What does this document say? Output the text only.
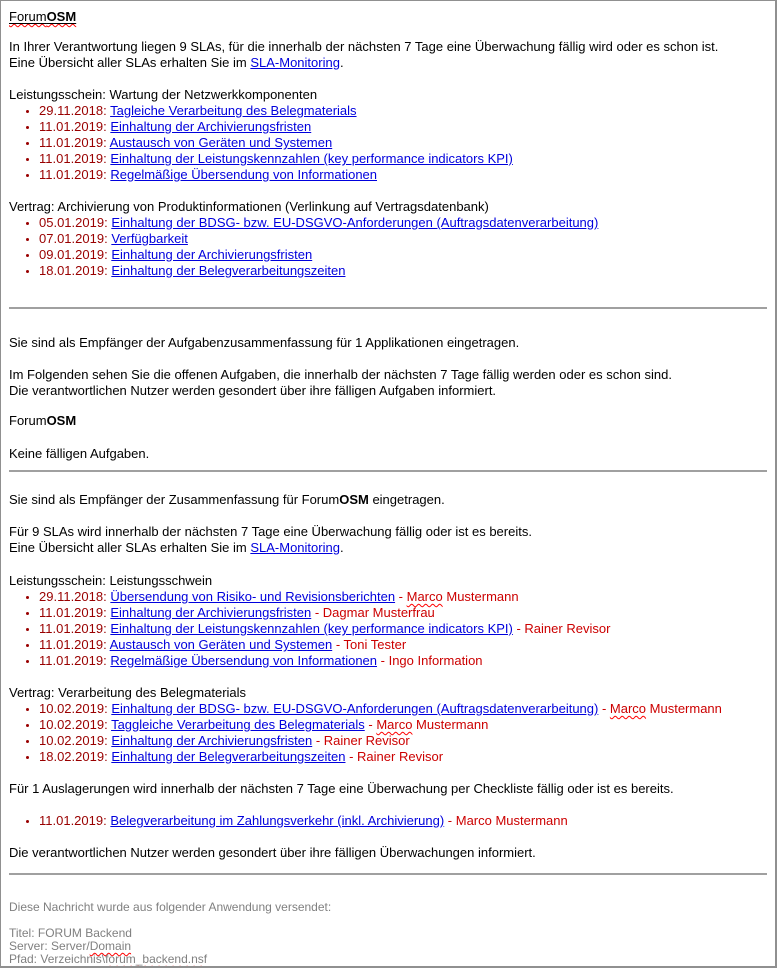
ForumOSM
In Ihrer Verantwortung liegen 9 SLAs, für die innerhalb der nächsten 7 Tage eine Überwachung fällig wird oder es schon ist.
Eine Übersicht aller SLAs erhalten Sie im SLA-Monitoring.
Leistungsschein: Wartung der Netzwerkkomponenten
• 29.11.2018: Tagleiche Verarbeitung des Belegmaterials
• 11.01.2019: Einhaltung der Archivierungsfristen
• 11.01.2019: Austausch von Geräten und Systemen
• 11.01.2019: Einhaltung der Leistungskennzahlen (key performance indicators KPI)
• 11.01.2019: Regelmäßige Übersendung von Informationen
Vertrag: Archivierung von Produktinformationen (Verlinkung auf Vertragsdatenbank)
• 05.01.2019: Einhaltung der BDSG- bzw. EU-DSGVO-Anforderungen (Auftragsdatenverarbeitung)
• 07.01.2019: Verfügbarkeit
• 09.01.2019: Einhaltung der Archivierungsfristen
• 18.01.2019: Einhaltung der Belegverarbeitungszeiten
Sie sind als Empfänger der Aufgabenzusammenfassung für 1 Applikationen eingetragen.
Im Folgenden sehen Sie die offenen Aufgaben, die innerhalb der nächsten 7 Tage fällig werden oder es schon sind.
Die verantwortlichen Nutzer werden gesondert über ihre fälligen Aufgaben informiert.
ForumOSM
Keine fälligen Aufgaben.
Sie sind als Empfänger der Zusammenfassung für ForumOSM eingetragen.
Für 9 SLAs wird innerhalb der nächsten 7 Tage eine Überwachung fällig oder ist es bereits.
Eine Übersicht aller SLAs erhalten Sie im SLA-Monitoring.
Leistungsschein: Leistungsschwein
• 29.11.2018: Übersendung von Risiko- und Revisionsberichten - Marco Mustermann
• 11.01.2019: Einhaltung der Archivierungsfristen - Dagmar Musterfrau
• 11.01.2019: Einhaltung der Leistungskennzahlen (key performance indicators KPI) - Rainer Revisor
• 11.01.2019: Austausch von Geräten und Systemen - Toni Tester
• 11.01.2019: Regelmäßige Übersendung von Informationen - Ingo Information
Vertrag: Verarbeitung des Belegmaterials
• 10.02.2019: Einhaltung der BDSG- bzw. EU-DSGVO-Anforderungen (Auftragsdatenverarbeitung) - Marco Mustermann
• 10.02.2019: Taggleiche Verarbeitung des Belegmaterials - Marco Mustermann
• 10.02.2019: Einhaltung der Archivierungsfristen - Rainer Revisor
• 18.02.2019: Einhaltung der Belegverarbeitungszeiten - Rainer Revisor
Für 1 Auslagerungen wird innerhalb der nächsten 7 Tage eine Überwachung per Checkliste fällig oder ist es bereits.
• 11.01.2019: Belegverarbeitung im Zahlungsverkehr (inkl. Archivierung) - Marco Mustermann
Die verantwortlichen Nutzer werden gesondert über ihre fälligen Überwachungen informiert.
Diese Nachricht wurde aus folgender Anwendung versendet:
Titel: FORUM Backend
Server: Server/Domain
Pfad: Verzeichnis\forum_backend.nsf
